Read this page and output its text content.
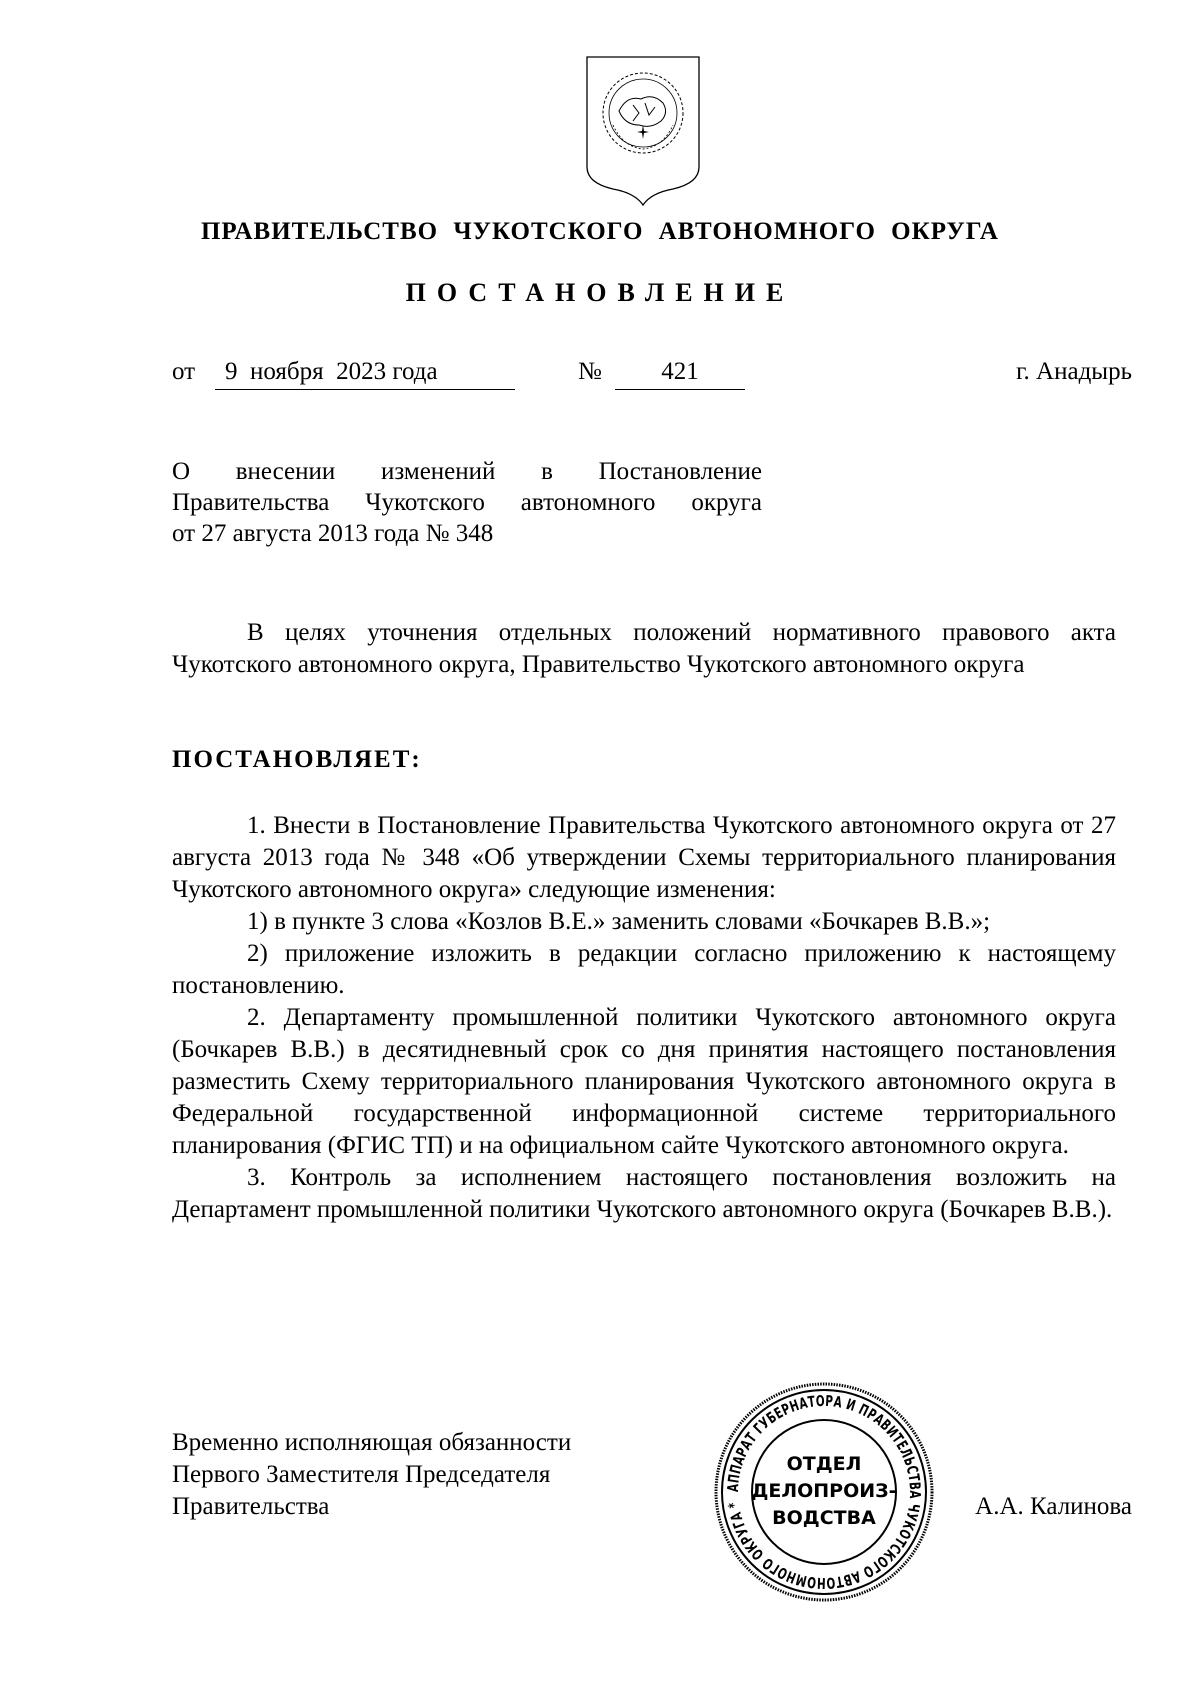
ПРАВИТЕЛЬСТВО ЧУКОТСКОГО АВТОНОМНОГО ОКРУГА
ПОСТАНОВЛЕНИЕ
от	9  ноября  2023 года	№	421	г. Анадырь
О внесении изменений в Постановление
Правительства Чукотского автономного округа
от 27 августа 2013 года № 348

В целях уточнения отдельных положений нормативного правового акта Чукотского автономного округа, Правительство Чукотского автономного округа

ПОСТАНОВЛЯЕТ:

1. Внести в Постановление Правительства Чукотского автономного округа от 27 августа 2013 года № 348 «Об утверждении Схемы территориального планирования Чукотского автономного округа» следующие изменения:

1) в пункте 3 слова «Козлов В.Е.» заменить словами «Бочкарев В.В.»;

2) приложение изложить в редакции согласно приложению к настоящему постановлению.

2. Департаменту промышленной политики Чукотского автономного округа (Бочкарев В.В.) в десятидневный срок со дня принятия настоящего постановления разместить Схему территориального планирования Чукотского автономного округа в Федеральной государственной информационной системе территориального планирования (ФГИС ТП) и на официальном сайте Чукотского автономного округа.

3. Контроль за исполнением настоящего постановления возложить на Департамент промышленной политики Чукотского автономного округа (Бочкарев В.В.).

Временно исполняющая обязанности
Первого Заместителя Председателя
Правительства
АППАРАТ ГУБЕРНАТОРА И ПРАВИТЕЛЬСТВА ЧУКОТСКОГО АВТОНОМНОГО ОКРУГА *
ОТДЕЛ
ДЕЛОПРОИЗ-
ВОДСТВА	А.А. Калинова
